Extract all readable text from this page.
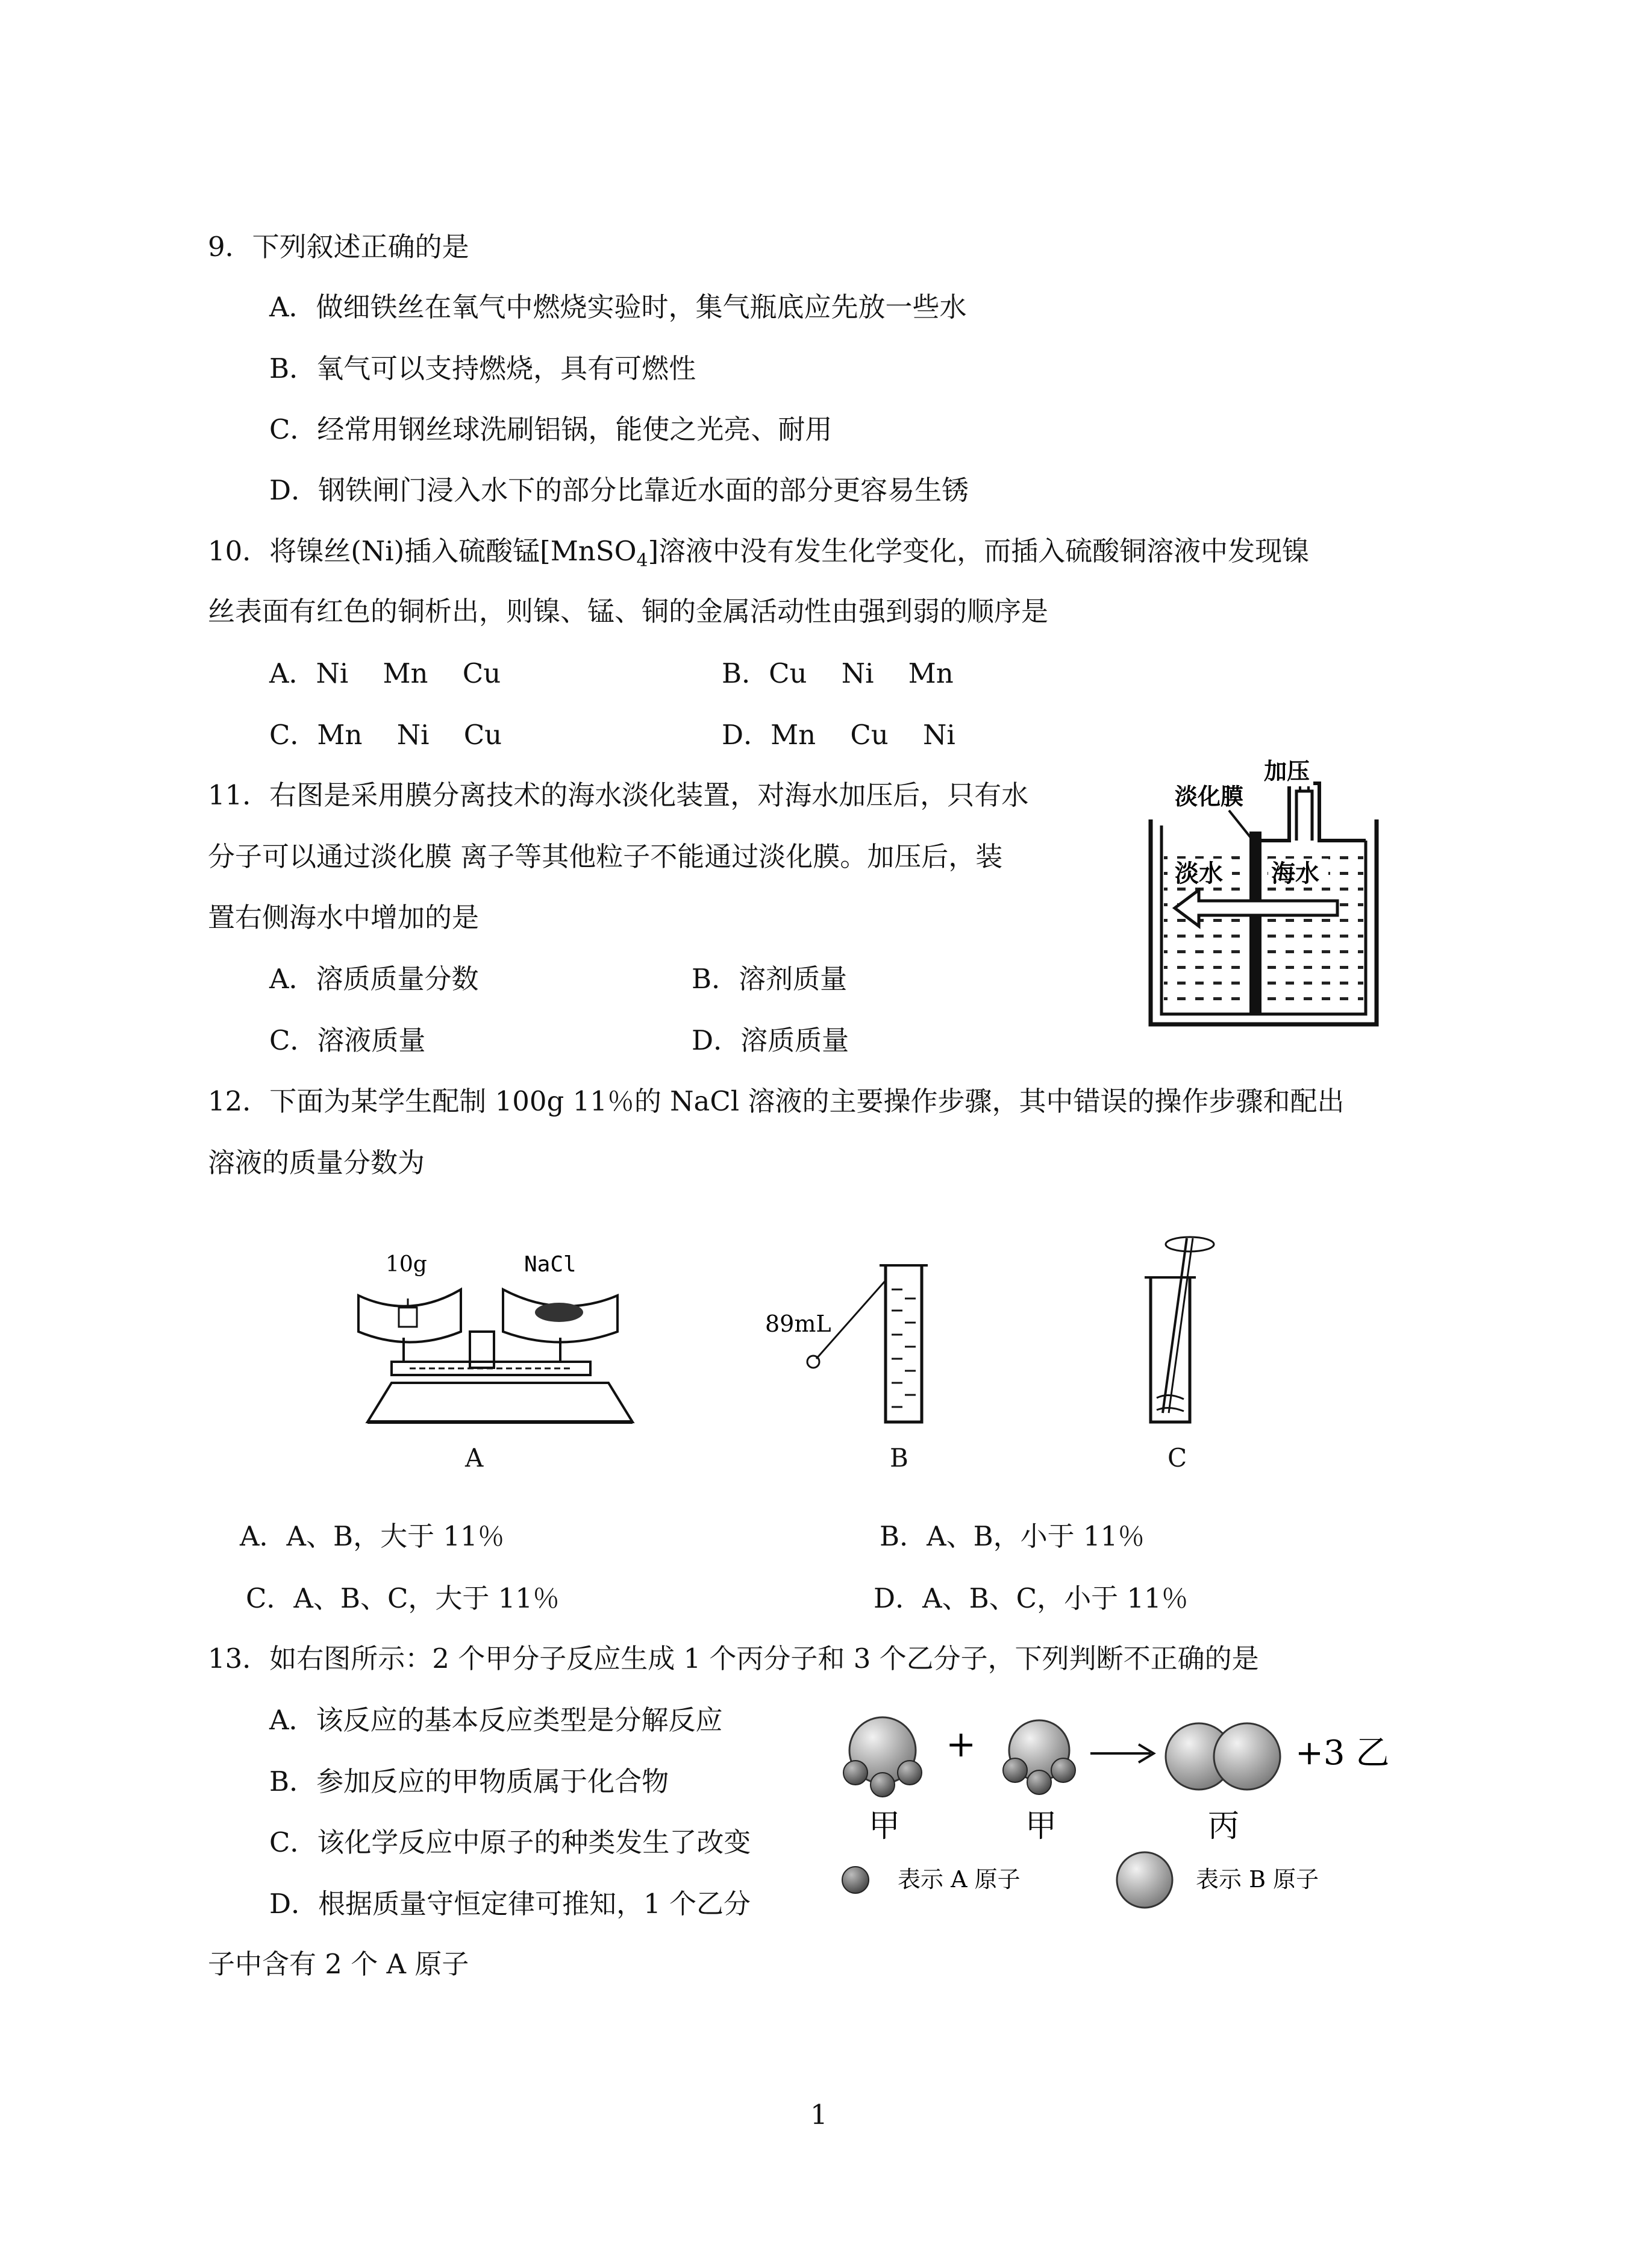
9．下列叙述正确的是
A．做细铁丝在氧气中燃烧实验时，集气瓶底应先放一些水
B．氧气可以支持燃烧，具有可燃性
C．经常用钢丝球洗刷铝锅，能使之光亮、耐用
D．钢铁闸门浸入水下的部分比靠近水面的部分更容易生锈
10．将镍丝(Ni)插入硫酸锰[MnSO$_4$]溶液中没有发生化学变化，而插入硫酸铜溶液中发现镍
丝表面有红色的铜析出，则镍、锰、铜的金属活动性由强到弱的顺序是
A．Ni    Mn    Cu	B．Cu    Ni    Mn
C．Mn    Ni    Cu	D．Mn    Cu    Ni
11．右图是采用膜分离技术的海水淡化装置，对海水加压后，只有水
分子可以通过淡化膜 离子等其他粒子不能通过淡化膜。加压后，装
置右侧海水中增加的是
A．溶质质量分数	B．溶剂质量
C．溶液质量	D．溶质质量
加压
淡化膜
淡水 海水
12．下面为某学生配制 100g 11％的 NaCl 溶液的主要操作步骤，其中错误的操作步骤和配出
溶液的质量分数为
10g	NaCl
A
89mL
B	C
A．A、B，大于 11％	B．A、B，小于 11％
C．A、B、C，大于 11％	D．A、B、C，小于 11％
13．如右图所示：2 个甲分子反应生成 1 个丙分子和 3 个乙分子，下列判断不正确的是
A．该反应的基本反应类型是分解反应
B．参加反应的甲物质属于化合物
C．该化学反应中原子的种类发生了改变
D．根据质量守恒定律可推知，1 个乙分
子中含有 2 个 A 原子
+	+3 乙
甲	甲	丙
表示 A 原子	表示 B 原子
1
